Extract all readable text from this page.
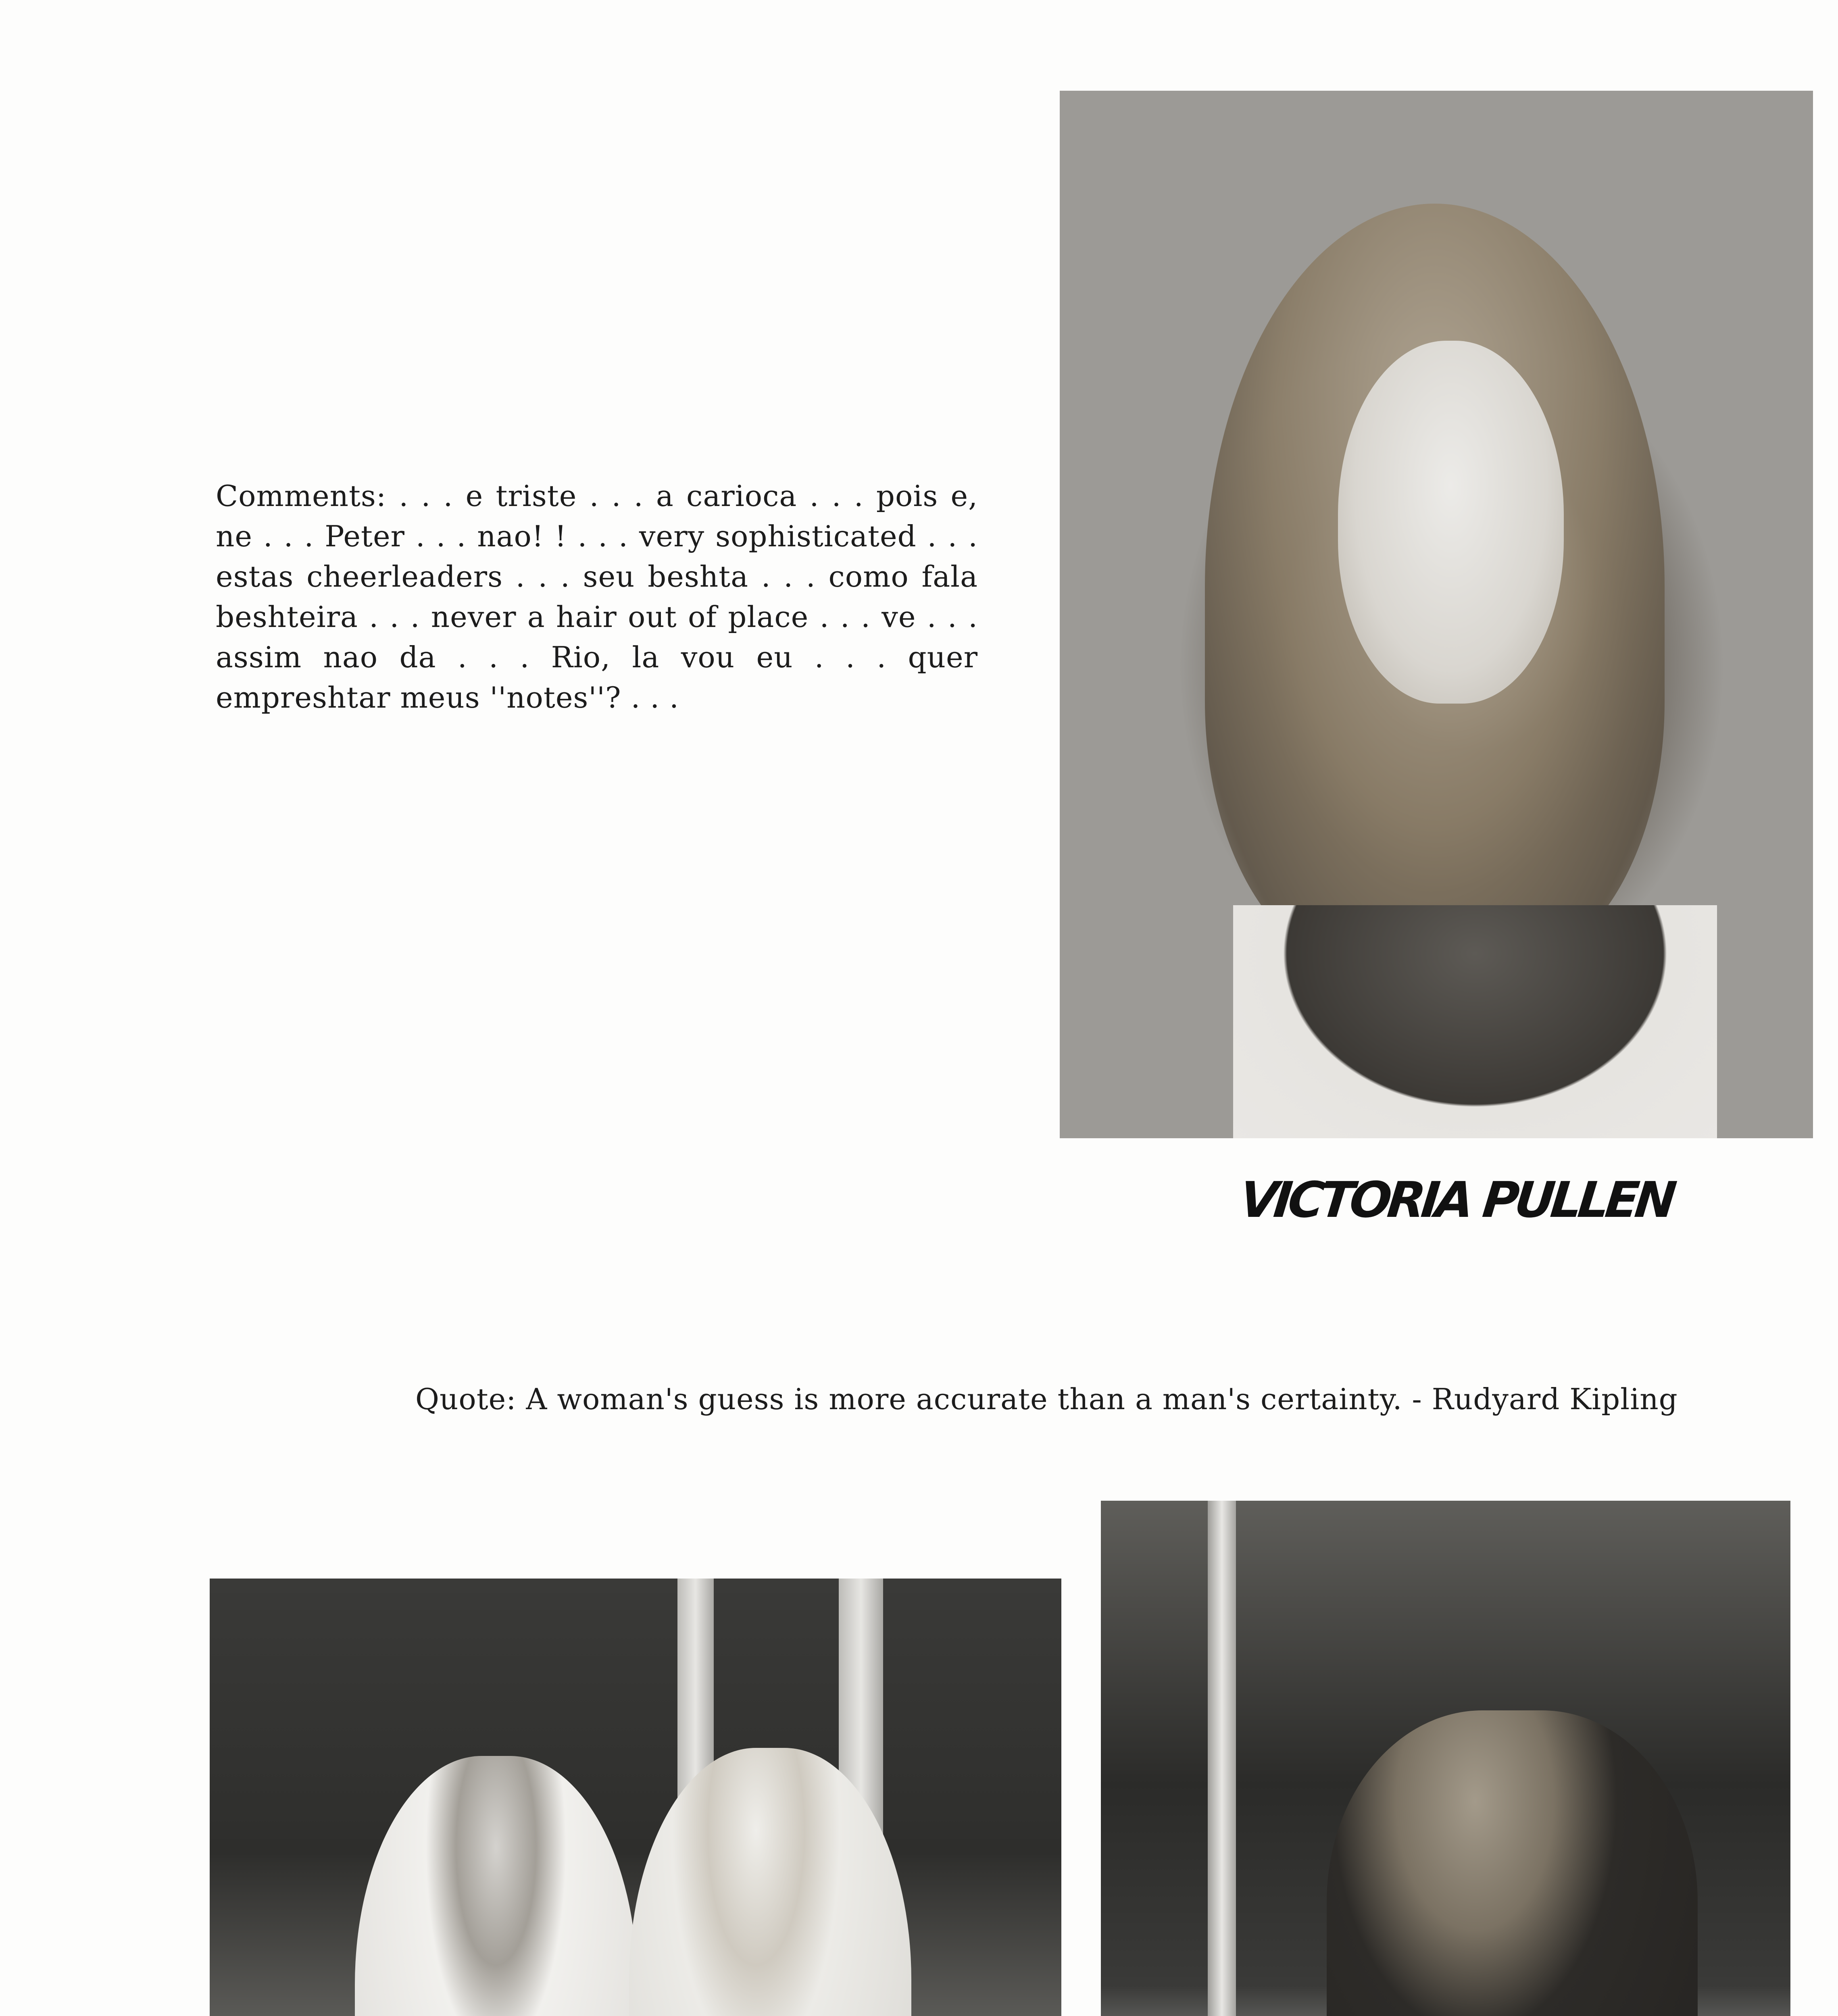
Comments: . . . e triste . . . a carioca . . . pois e, ne . . . Peter . . . nao! ! . . . very sophisticated . . . estas cheerleaders . . . seu beshta . . . como fala beshteira . . . never a hair out of place . . . ve . . . assim nao da . . . Rio, la vou eu . . . quer empreshtar meus ''notes''? . . .
VICTORIA PULLEN
Quote: A woman's guess is more accurate than a man's certainty. - Rudyard Kipling
